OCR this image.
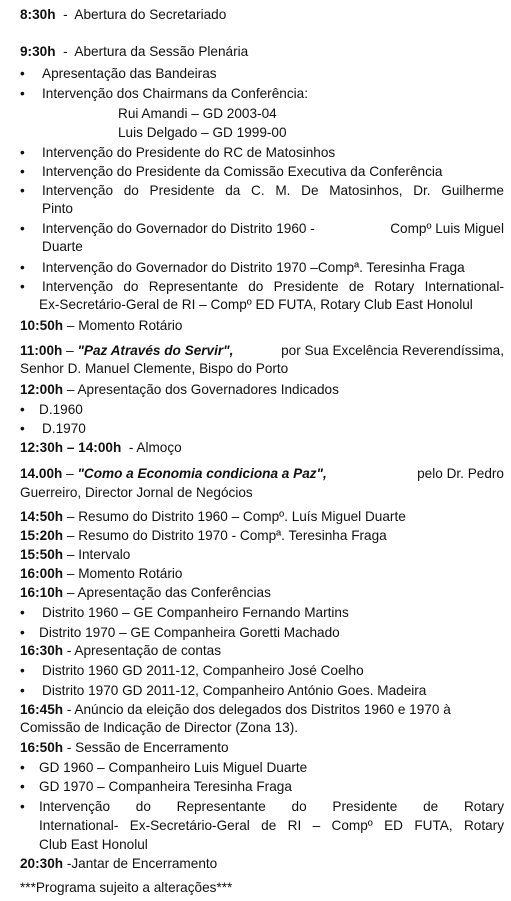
8:30h  -  Abertura do Secretariado
9:30h  -  Abertura da Sessão Plenária
• Apresentação das Bandeiras
• Intervenção dos Chairmans da Conferência:
Rui Amandi – GD 2003-04
Luis Delgado – GD 1999-00
• Intervenção do Presidente do RC de Matosinhos
• Intervenção do Presidente da Comissão Executiva da Conferência
• Intervenção do Presidente da C. M. De Matosinhos, Dr. Guilherme
Pinto
• Intervenção do Governador do Distrito 1960 -	Compº Luis Miguel
Duarte
• Intervenção do Governador do Distrito 1970 –Compª. Teresinha Fraga
• Intervenção do Representante do Presidente de Rotary International-
Ex-Secretário-Geral de RI – Compº ED FUTA, Rotary Club East Honolul
10:50h – Momento Rotário
11:00h – "Paz Através do Servir",	por Sua Excelência Reverendíssima,
Senhor D. Manuel Clemente, Bispo do Porto
12:00h – Apresentação dos Governadores Indicados
• D.1960
• D.1970
12:30h – 14:00h  - Almoço
14.00h – "Como a Economia condiciona a Paz",	pelo Dr. Pedro
Guerreiro, Director Jornal de Negócios
14:50h – Resumo do Distrito 1960 – Compº. Luís Miguel Duarte
15:20h – Resumo do Distrito 1970 - Compª. Teresinha Fraga
15:50h – Intervalo
16:00h – Momento Rotário
16:10h – Apresentação das Conferências
• Distrito 1960 – GE Companheiro Fernando Martins
• Distrito 1970 – GE Companheira Goretti Machado
16:30h - Apresentação de contas
• Distrito 1960 GD 2011-12, Companheiro José Coelho
• Distrito 1970 GD 2011-12, Companheiro António Goes. Madeira
16:45h - Anúncio da eleição dos delegados dos Distritos 1960 e 1970 à
Comissão de Indicação de Director (Zona 13).
16:50h - Sessão de Encerramento
• GD 1960 – Companheiro Luis Miguel Duarte
• GD 1970 – Companheira Teresinha Fraga
• Intervenção do Representante do Presidente de Rotary
International- Ex-Secretário-Geral de RI – Compº ED FUTA, Rotary
Club East Honolul
20:30h -Jantar de Encerramento
***Programa sujeito a alterações***
